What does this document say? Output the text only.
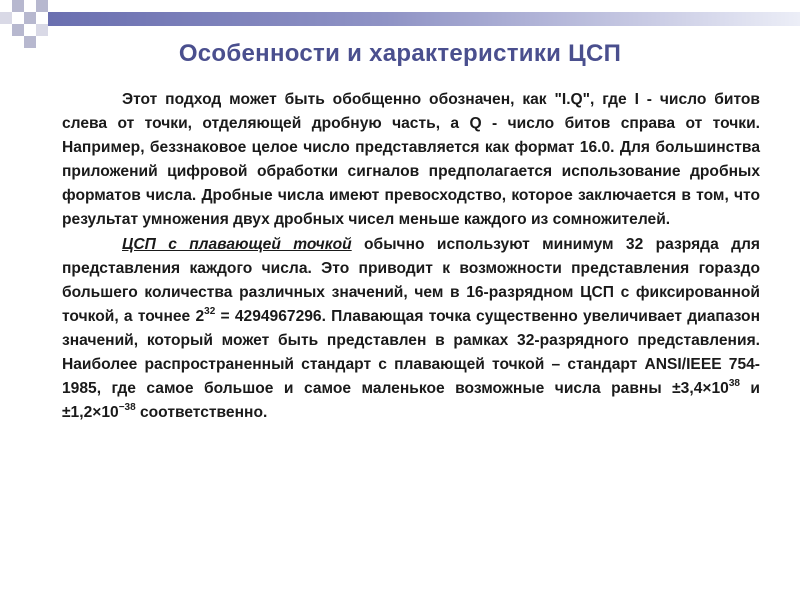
Особенности и характеристики ЦСП

Этот подход может быть обобщенно обозначен, как "I.Q", где I - число битов слева от точки, отделяющей дробную часть, а Q - число битов справа от точки. Например, беззнаковое целое число представляется как формат 16.0. Для большинства приложений цифровой обработки сигналов предполагается использование дробных форматов числа. Дробные числа имеют превосходство, которое заключается в том, что результат умножения двух дробных чисел меньше каждого из сомножителей.

ЦСП с плавающей точкой обычно используют минимум 32 разряда для представления каждого числа. Это приводит к возможности представления гораздо большего количества различных значений, чем в 16-разрядном ЦСП с фиксированной точкой, а точнее $2^{32} = 4294967296$. Плавающая точка существенно увеличивает диапазон значений, который может быть представлен в рамках 32-разрядного представления. Наиболее распространенный стандарт с плавающей точкой – стандарт ANSI/IEEE 754-1985, где самое большое и самое маленькое возможные числа равны $\pm 3,4\times 10^{38}$ $и \pm 1,2\times 10^{-38}$ соответственно.
